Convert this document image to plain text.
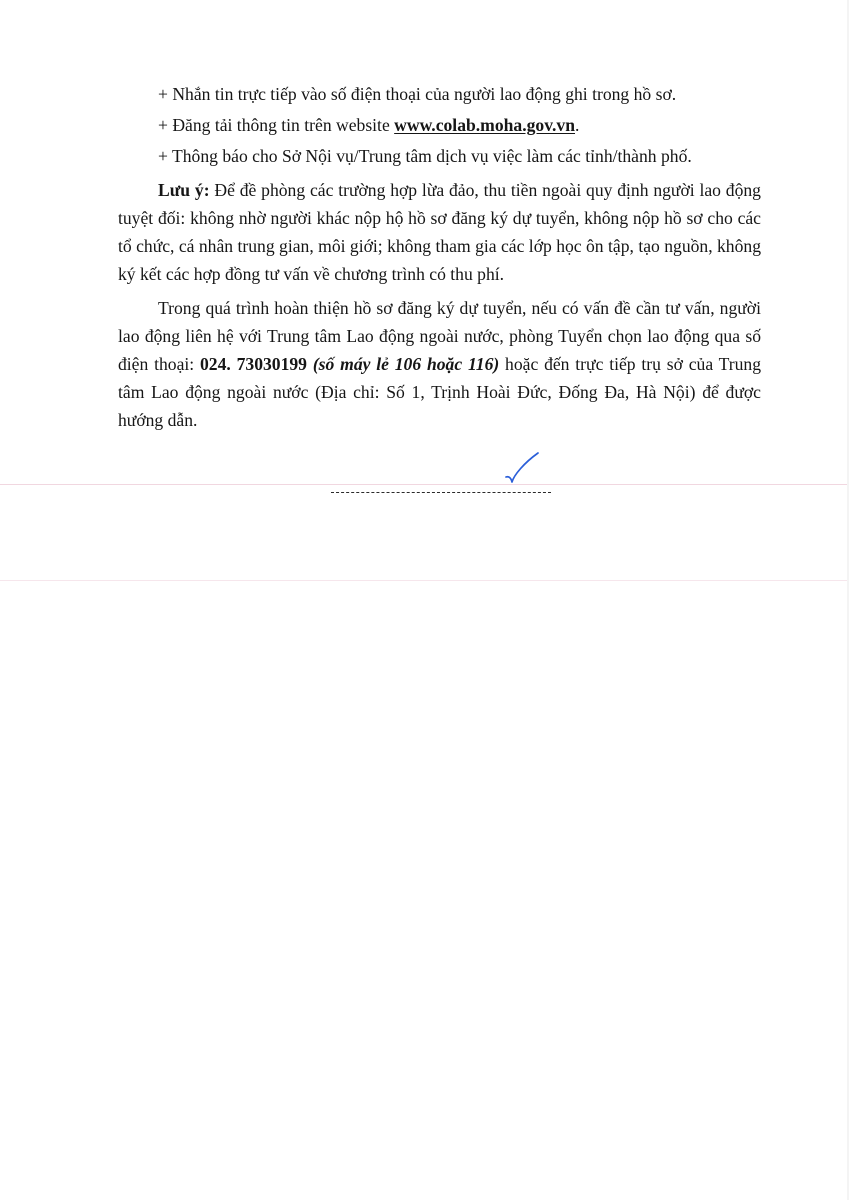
+ Nhắn tin trực tiếp vào số điện thoại của người lao động ghi trong hồ sơ.

+ Đăng tải thông tin trên website www.colab.moha.gov.vn.

+ Thông báo cho Sở Nội vụ/Trung tâm dịch vụ việc làm các tỉnh/thành phố.

Lưu ý: Để đề phòng các trường hợp lừa đảo, thu tiền ngoài quy định người lao động tuyệt đối: không nhờ người khác nộp hộ hồ sơ đăng ký dự tuyển, không nộp hồ sơ cho các tổ chức, cá nhân trung gian, môi giới; không tham gia các lớp học ôn tập, tạo nguồn, không ký kết các hợp đồng tư vấn về chương trình có thu phí.

Trong quá trình hoàn thiện hồ sơ đăng ký dự tuyển, nếu có vấn đề cần tư vấn, người lao động liên hệ với Trung tâm Lao động ngoài nước, phòng Tuyển chọn lao động qua số điện thoại: 024. 73030199 (số máy lẻ 106 hoặc 116) hoặc đến trực tiếp trụ sở của Trung tâm Lao động ngoài nước (Địa chỉ: Số 1, Trịnh Hoài Đức, Đống Đa, Hà Nội) để được hướng dẫn.
